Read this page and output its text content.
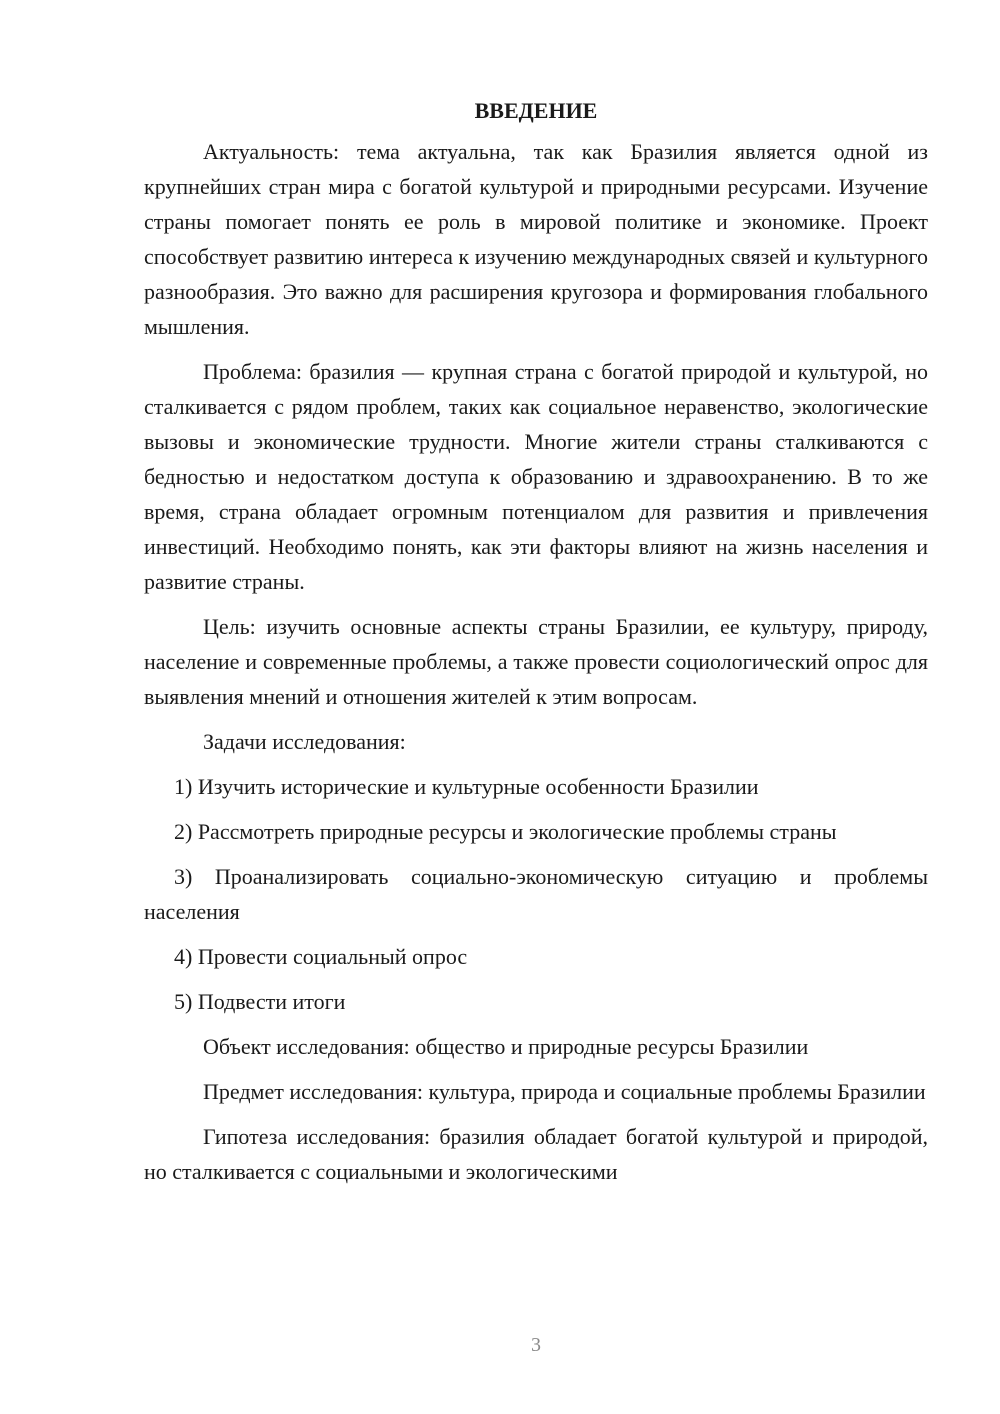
ВВЕДЕНИЕ

Актуальность: тема актуальна, так как Бразилия является одной из крупнейших стран мира с богатой культурой и природными ресурсами. Изучение страны помогает понять ее роль в мировой политике и экономике. Проект способствует развитию интереса к изучению международных связей и культурного разнообразия. Это важно для расширения кругозора и формирования глобального мышления.

Проблема: бразилия — крупная страна с богатой природой и культурой, но сталкивается с рядом проблем, таких как социальное неравенство, экологические вызовы и экономические трудности. Многие жители страны сталкиваются с бедностью и недостатком доступа к образованию и здравоохранению. В то же время, страна обладает огромным потенциалом для развития и привлечения инвестиций. Необходимо понять, как эти факторы влияют на жизнь населения и развитие страны.

Цель: изучить основные аспекты страны Бразилии, ее культуру, природу, население и современные проблемы, а также провести социологический опрос для выявления мнений и отношения жителей к этим вопросам.

Задачи исследования:

1) Изучить исторические и культурные особенности Бразилии

2) Рассмотреть природные ресурсы и экологические проблемы страны

3) Проанализировать социально-экономическую ситуацию и проблемы населения

4) Провести социальный опрос

5) Подвести итоги

Объект исследования: общество и природные ресурсы Бразилии

Предмет исследования: культура, природа и социальные проблемы Бразилии

Гипотеза исследования: бразилия обладает богатой культурой и природой, но сталкивается с социальными и экологическими

3
